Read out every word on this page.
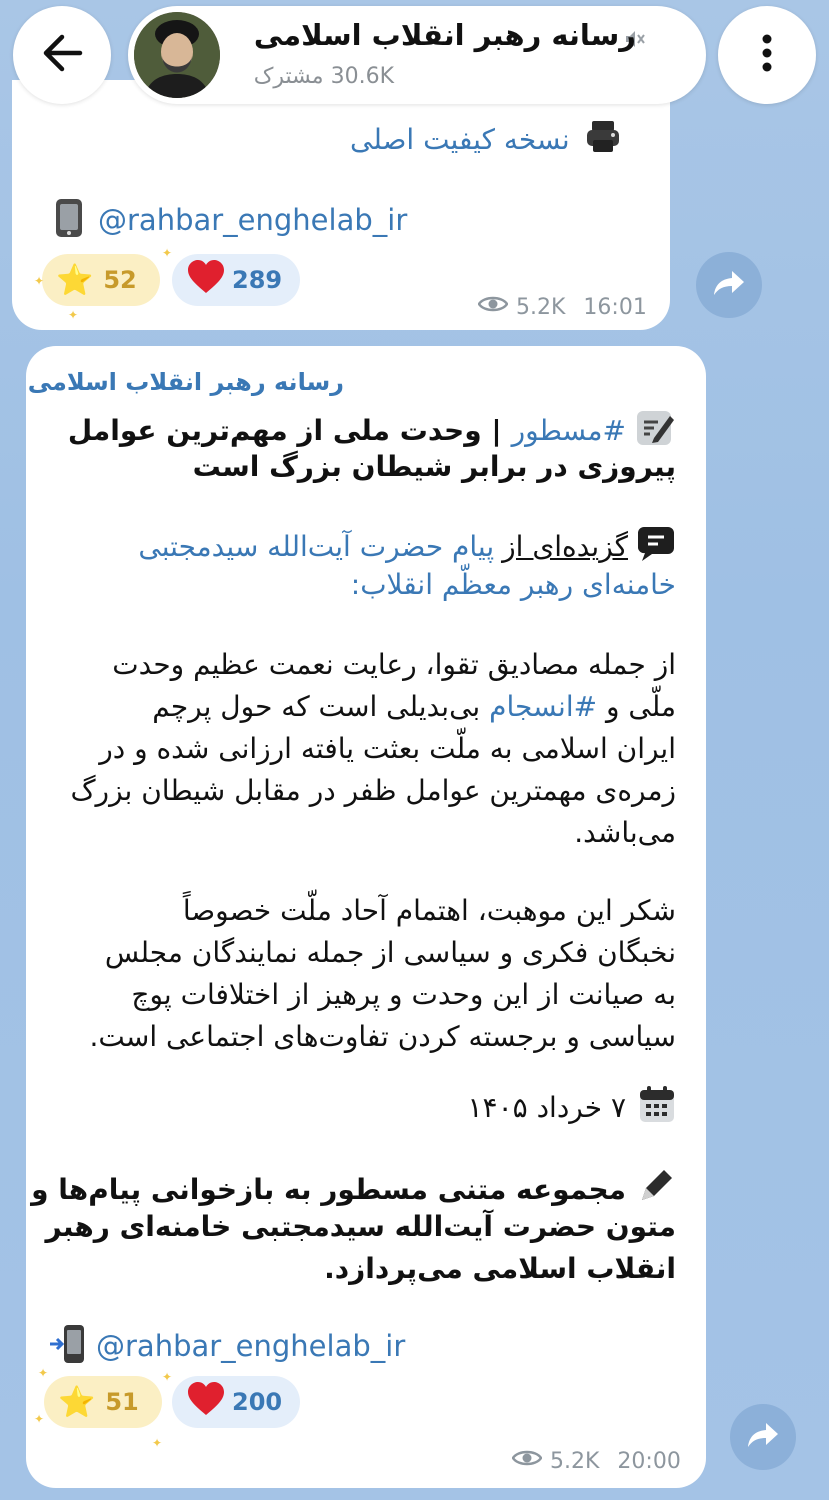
نسخه کیفیت اصلی
@rahbar_enghelab_ir
⭐ 52	289
5.2K 16:01
✦
✦
✦
رسانه رهبر انقلاب اسلامی
30.6K مشترک
رسانه رهبر انقلاب اسلامی
#مسطور
| وحدت ملی از مهم‌ترین عوامل
پیروزی در برابر شیطان بزرگ است
گزیده‌ای از
پیام حضرت آیت‌الله سیدمجتبی
خامنه‌ای رهبر معظّم انقلاب:
از جمله مصادیق تقوا، رعایت نعمت عظیم وحدت
ملّی و #انسجام بی‌بدیلی است که حول پرچم
ایران اسلامی به ملّت بعثت یافته ارزانی شده و در
زمره‌ی مهمترین عوامل ظفر در مقابل شیطان بزرگ
می‌باشد.
شکر این موهبت، اهتمام آحاد ملّت خصوصاً
نخبگان فکری و سیاسی از جمله نمایندگان مجلس
به صیانت از این وحدت و پرهیز از اختلافات پوچ
سیاسی و برجسته کردن تفاوت‌های اجتماعی است.
۷ خرداد ۱۴۰۵
مجموعه متنی مسطور به بازخوانی پیام‌ها و
متون حضرت آیت‌الله سیدمجتبی خامنه‌ای رهبر
انقلاب اسلامی می‌پردازد.
@rahbar_enghelab_ir
⭐ 51	200
✦
✦
✦
✦
5.2K 20:00
